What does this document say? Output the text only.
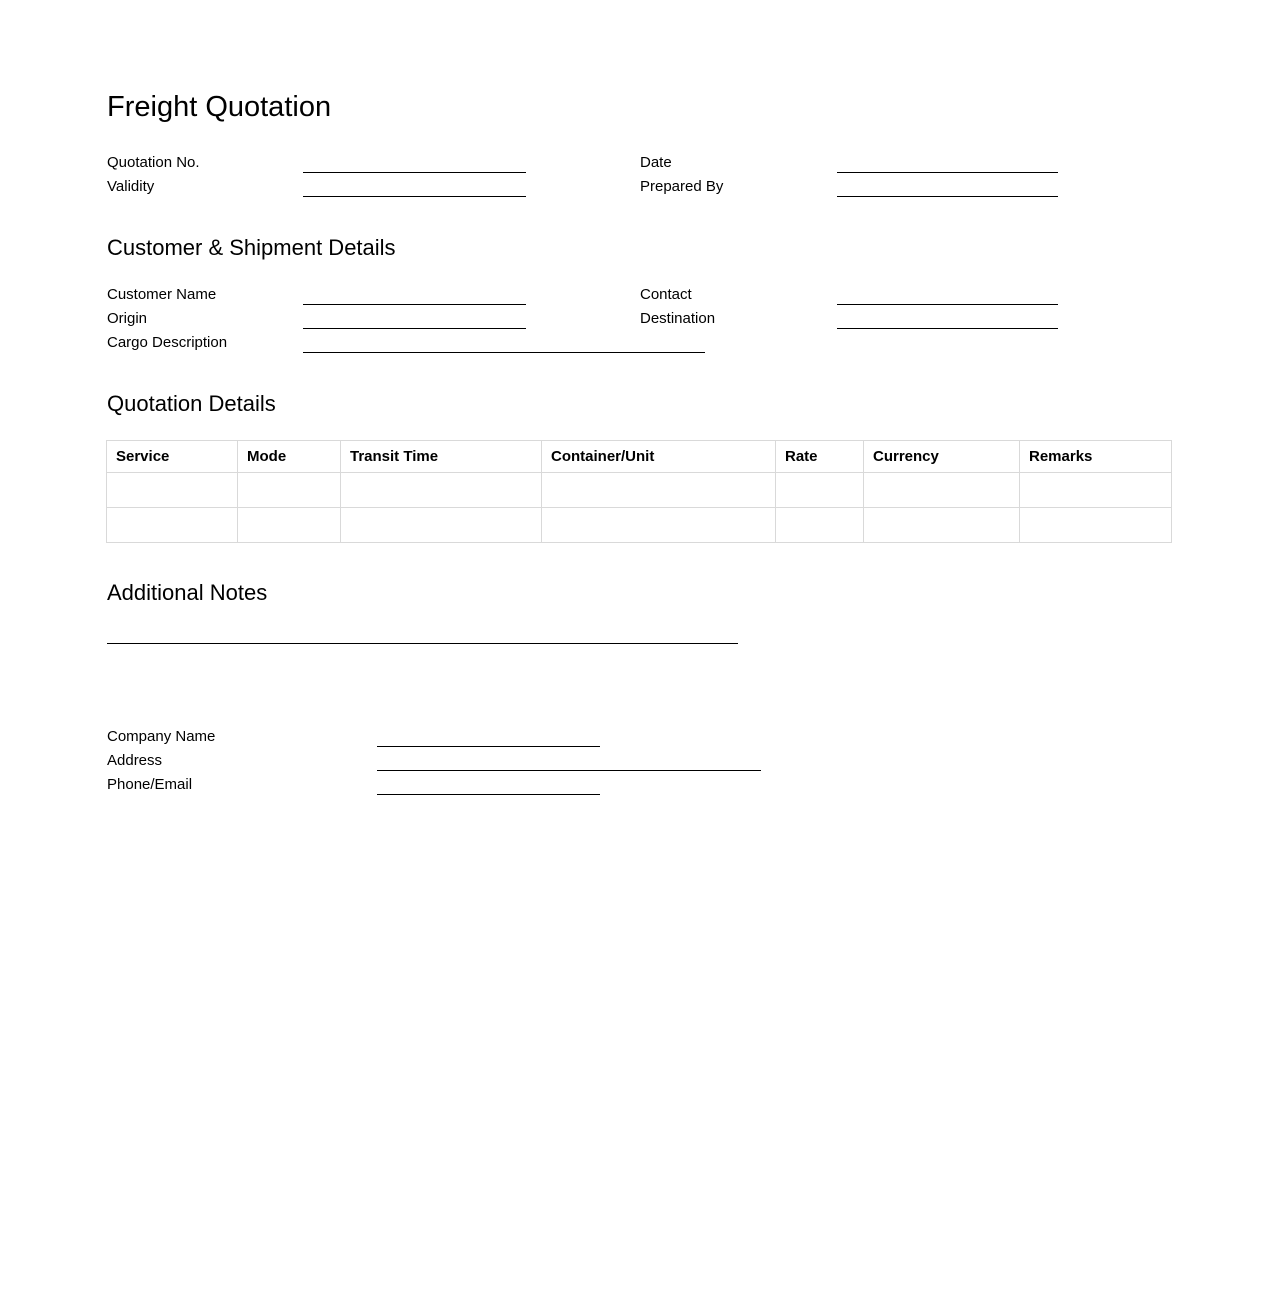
Freight Quotation
Quotation No.	Date
Validity	Prepared By
Customer & Shipment Details
Customer Name	Contact
Origin	Destination
Cargo Description
Quotation Details
Service	Mode	Transit Time	Container/Unit	Rate	Currency	Remarks

Additional Notes
Company Name
Address
Phone/Email
